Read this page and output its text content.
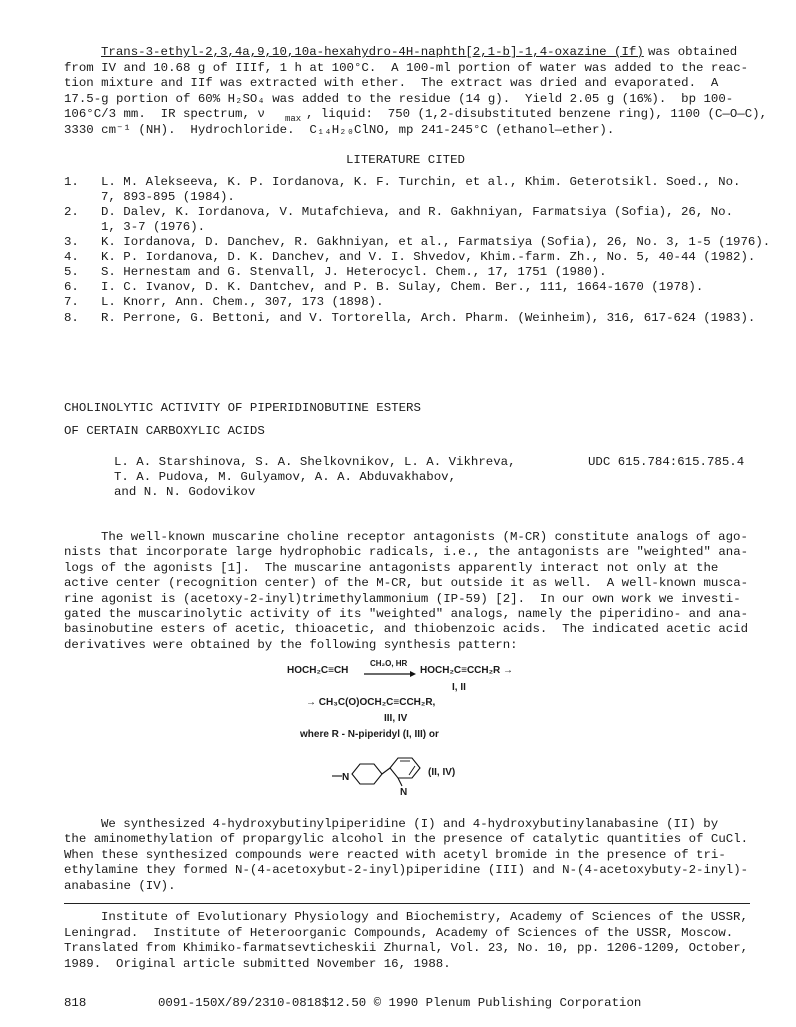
Trans-3-ethyl-2,3,4a,9,10,10a-hexahydro-4H-naphth[2,1-b]-1,4-oxazine (If) was obtained
from IV and 10.68 g of IIIf, 1 h at 100°C.  A 100-ml portion of water was added to the reac-
tion mixture and IIf was extracted with ether.  The extract was dried and evaporated.  A
17.5-g portion of 60% H₂SO₄ was added to the residue (14 g).  Yield 2.05 g (16%).  bp 100-
106°C/3 mm.  IR spectrum, ν max , liquid:  750 (1,2-disubstituted benzene ring), 1100 (C—O—C),
3330 cm⁻¹ (NH).  Hydrochloride.  C₁₄H₂₀ClNO, mp 241-245°C (ethanol—ether).
LITERATURE CITED
1. L. M. Alekseeva, K. P. Iordanova, K. F. Turchin, et al., Khim. Geterotsikl. Soed., No.
7, 893-895 (1984).
2. D. Dalev, K. Iordanova, V. Mutafchieva, and R. Gakhniyan, Farmatsiya (Sofia), 26, No.
1, 3-7 (1976).
3. K. Iordanova, D. Danchev, R. Gakhniyan, et al., Farmatsiya (Sofia), 26, No. 3, 1-5 (1976).
4. K. P. Iordanova, D. K. Danchev, and V. I. Shvedov, Khim.-farm. Zh., No. 5, 40-44 (1982).
5. S. Hernestam and G. Stenvall, J. Heterocycl. Chem., 17, 1751 (1980).
6. I. C. Ivanov, D. K. Dantchev, and P. B. Sulay, Chem. Ber., 111, 1664-1670 (1978).
7. L. Knorr, Ann. Chem., 307, 173 (1898).
8. R. Perrone, G. Bettoni, and V. Tortorella, Arch. Pharm. (Weinheim), 316, 617-624 (1983).
CHOLINOLYTIC ACTIVITY OF PIPERIDINOBUTINE ESTERS
OF CERTAIN CARBOXYLIC ACIDS
L. A. Starshinova, S. A. Shelkovnikov, L. A. Vikhreva,
T. A. Pudova, M. Gulyamov, A. A. Abduvakhabov,
and N. N. Godovikov
UDC 615.784:615.785.4
The well-known muscarine choline receptor antagonists (M-CR) constitute analogs of ago-
nists that incorporate large hydrophobic radicals, i.e., the antagonists are "weighted" ana-
logs of the agonists [1].  The muscarine antagonists apparently interact not only at the
active center (recognition center) of the M-CR, but outside it as well.  A well-known musca-
rine agonist is (acetoxy-2-inyl)trimethylammonium (IP-59) [2].  In our own work we investi-
gated the muscarinolytic activity of its "weighted" analogs, namely the piperidino- and ana-
basinobutine esters of acetic, thioacetic, and thiobenzoic acids.  The indicated acetic acid
derivatives were obtained by the following synthesis pattern:
HOCH₂C≡CH
CH₂O, HR
→ HOCH₂C≡CCH₂R →
I, II
→ CH₃C(O)OCH₂C≡CCH₂R,
III, IV
where R - N-piperidyl (I, III) or
N
N
(II, IV)
We synthesized 4-hydroxybutinylpiperidine (I) and 4-hydroxybutinylanabasine (II) by
the aminomethylation of propargylic alcohol in the presence of catalytic quantities of CuCl.
When these synthesized compounds were reacted with acetyl bromide in the presence of tri-
ethylamine they formed N-(4-acetoxybut-2-inyl)piperidine (III) and N-(4-acetoxybuty-2-inyl)-
anabasine (IV).
Institute of Evolutionary Physiology and Biochemistry, Academy of Sciences of the USSR,
Leningrad.  Institute of Heteroorganic Compounds, Academy of Sciences of the USSR, Moscow.
Translated from Khimiko-farmatsevticheskii Zhurnal, Vol. 23, No. 10, pp. 1206-1209, October,
1989.  Original article submitted November 16, 1988.
818	0091-150X/89/2310-0818$12.50 © 1990 Plenum Publishing Corporation
